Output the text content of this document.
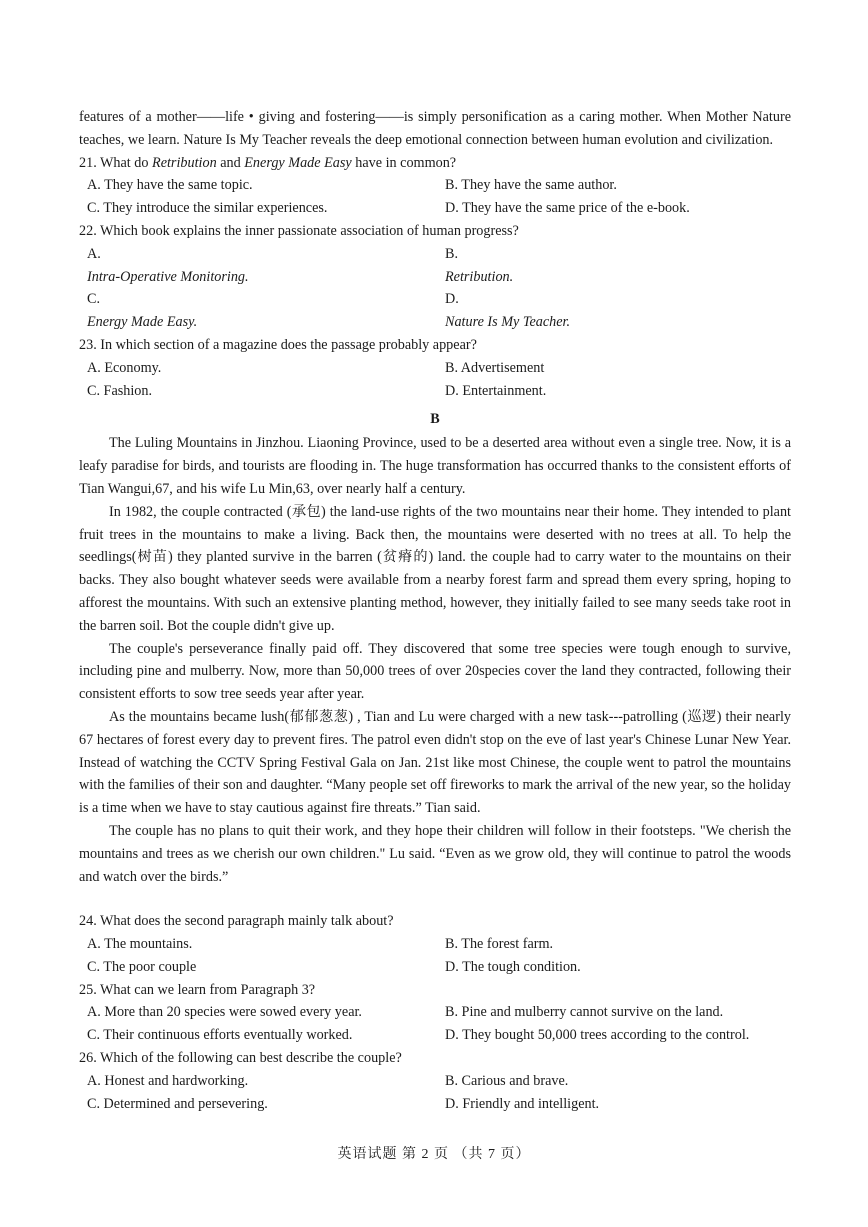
features of a mother——life • giving and fostering——is simply personification as a caring mother. When Mother Nature teaches, we learn. Nature Is My Teacher reveals the deep emotional connection between human evolution and civilization.

21. What do Retribution and Energy Made Easy have in common?

A. They have the same topic.	B. They have the same author.
C. They introduce the similar experiences.	D. They have the same price of the e-book.

22. Which book explains the inner passionate association of human progress?

A.
Intra-Operative Monitoring.
B.
Retribution.
C.
Energy Made Easy.
D.
Nature Is My Teacher.

23. In which section of a magazine does the passage probably appear?

A. Economy.	B. Advertisement
C. Fashion.	D. Entertainment.
B

The Luling Mountains in Jinzhou. Liaoning Province, used to be a deserted area without even a single tree. Now, it is a leafy paradise for birds, and tourists are flooding in. The huge transformation has occurred thanks to the consistent efforts of Tian Wangui,67, and his wife Lu Min,63, over nearly half a century.

In 1982, the couple contracted (承包) the land-use rights of the two mountains near their home. They intended to plant fruit trees in the mountains to make a living. Back then, the mountains were deserted with no trees at all. To help the seedlings(树苗) they planted survive in the barren (贫瘠的) land. the couple had to carry water to the mountains on their backs. They also bought whatever seeds were available from a nearby forest farm and spread them every spring, hoping to afforest the mountains. With such an extensive planting method, however, they initially failed to see many seeds take root in the barren soil. Bot the couple didn't give up.

The couple's perseverance finally paid off. They discovered that some tree species were tough enough to survive, including pine and mulberry. Now, more than 50,000 trees of over 20species cover the land they contracted, following their consistent efforts to sow tree seeds year after year.

As the mountains became lush(郁郁葱葱) , Tian and Lu were charged with a new task---patrolling (巡逻) their nearly 67 hectares of forest every day to prevent fires. The patrol even didn't stop on the eve of last year's Chinese Lunar New Year. Instead of watching the CCTV Spring Festival Gala on Jan. 21st like most Chinese, the couple went to patrol the mountains with the families of their son and daughter. “Many people set off fireworks to mark the arrival of the new year, so the holiday is a time when we have to stay cautious against fire threats.” Tian said.

The couple has no plans to quit their work, and they hope their children will follow in their footsteps. "We cherish the mountains and trees as we cherish our own children." Lu said. “Even as we grow old, they will continue to patrol the woods and watch over the birds.”

24. What does the second paragraph mainly talk about?

A. The mountains.	B. The forest farm.
C. The poor couple	D. The tough condition.

25. What can we learn from Paragraph 3?

A. More than 20 species were sowed every year.	B. Pine and mulberry cannot survive on the land.
C. Their continuous efforts eventually worked.	D. They bought 50,000 trees according to the control.

26. Which of the following can best describe the couple?

A. Honest and hardworking.	B. Carious and brave.
C. Determined and persevering.	D. Friendly and intelligent.
英语试题 第 2 页 （共 7 页）
